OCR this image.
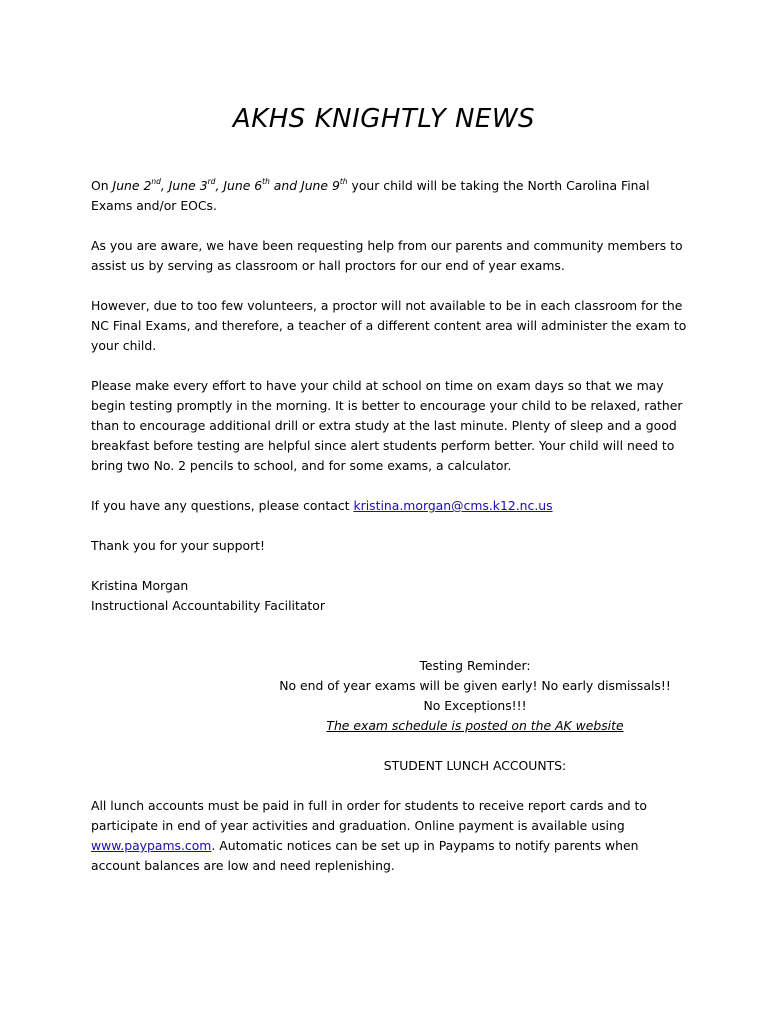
AKHS KNIGHTLY NEWS

On June 2nd, June 3rd, June 6th and June 9th your child will be taking the North Carolina Final Exams and/or EOCs.

As you are aware, we have been requesting help from our parents and community members to assist us by serving as classroom or hall proctors for our end of year exams.

However, due to too few volunteers, a proctor will not available to be in each classroom for the NC Final Exams, and therefore, a teacher of a different content area will administer the exam to your child.

Please make every effort to have your child at school on time on exam days so that we may begin testing promptly in the morning. It is better to encourage your child to be relaxed, rather than to encourage additional drill or extra study at the last minute. Plenty of sleep and a good breakfast before testing are helpful since alert students perform better. Your child will need to bring two No. 2 pencils to school, and for some exams, a calculator.

If you have any questions, please contact kristina.morgan@cms.k12.nc.us

Thank you for your support!

Kristina Morgan

Instructional Accountability Facilitator

Testing Reminder:
No end of year exams will be given early! No early dismissals!!
No Exceptions!!!
The exam schedule is posted on the AK website

STUDENT LUNCH ACCOUNTS:

All lunch accounts must be paid in full in order for students to receive report cards and to participate in end of year activities and graduation. Online payment is available using www.paypams.com. Automatic notices can be set up in Paypams to notify parents when account balances are low and need replenishing.
